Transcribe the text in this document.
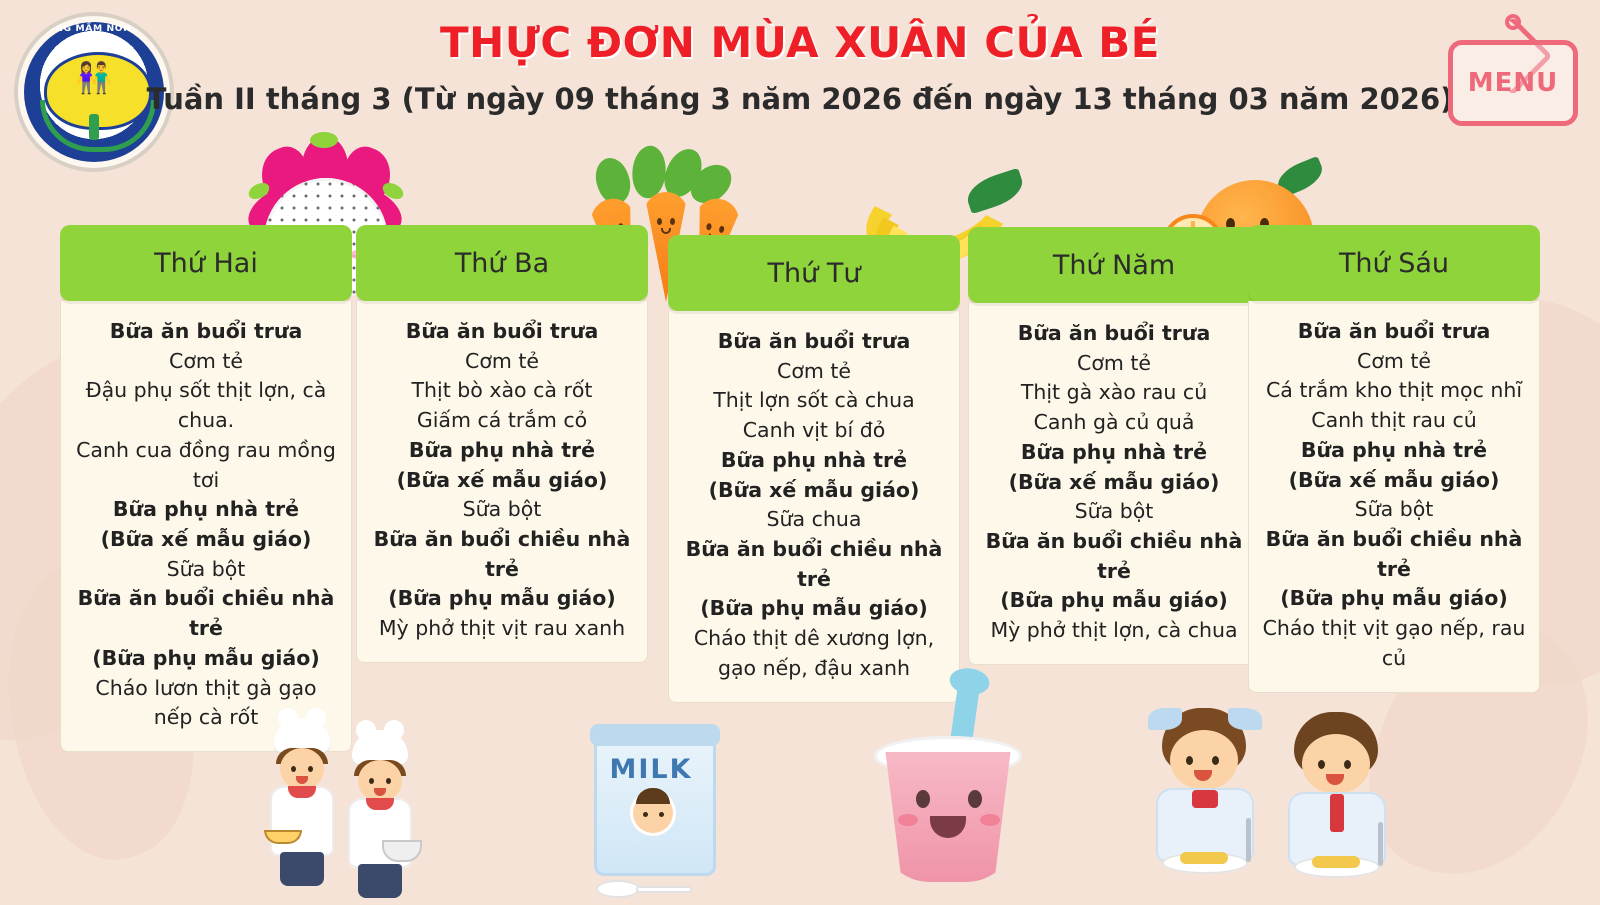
TRƯỜNG MẦM NON NINH VÂN
👫
THỰC ĐƠN MÙA XUÂN CỦA BÉ
Tuần II tháng 3 (Từ ngày 09 tháng 3 năm 2026 đến ngày 13 tháng 03 năm 2026) MENU
Thứ Hai
Bữa ăn buổi trưa
Cơm tẻ
Đậu phụ sốt thịt lợn, cà chua.
Canh cua đồng rau mồng tơi
Bữa phụ nhà trẻ
(Bữa xế mẫu giáo)
Sữa bột
Bữa ăn buổi chiều nhà trẻ
(Bữa phụ mẫu giáo)
Cháo lươn thịt gà gạo nếp cà rốt
Thứ Ba
Bữa ăn buổi trưa
Cơm tẻ
Thịt bò xào cà rốt
Giấm cá trắm cỏ
Bữa phụ nhà trẻ
(Bữa xế mẫu giáo)
Sữa bột
Bữa ăn buổi chiều nhà trẻ
(Bữa phụ mẫu giáo)
Mỳ phở thịt vịt rau xanh
Thứ Tư
Bữa ăn buổi trưa
Cơm tẻ
Thịt lợn sốt cà chua
Canh vịt bí đỏ
Bữa phụ nhà trẻ
(Bữa xế mẫu giáo)
Sữa chua
Bữa ăn buổi chiều nhà trẻ
(Bữa phụ mẫu giáo)
Cháo thịt dê xương lợn, gạo nếp, đậu xanh
Thứ Năm
Bữa ăn buổi trưa
Cơm tẻ
Thịt gà xào rau củ
Canh gà củ quả
Bữa phụ nhà trẻ
(Bữa xế mẫu giáo)
Sữa bột
Bữa ăn buổi chiều nhà trẻ
(Bữa phụ mẫu giáo)
Mỳ phở thịt lợn, cà chua
Thứ Sáu
Bữa ăn buổi trưa
Cơm tẻ
Cá trắm kho thịt mọc nhĩ
Canh thịt rau củ
Bữa phụ nhà trẻ
(Bữa xế mẫu giáo)
Sữa bột
Bữa ăn buổi chiều nhà trẻ
(Bữa phụ mẫu giáo)
Cháo thịt vịt gạo nếp, rau củ
MILK
